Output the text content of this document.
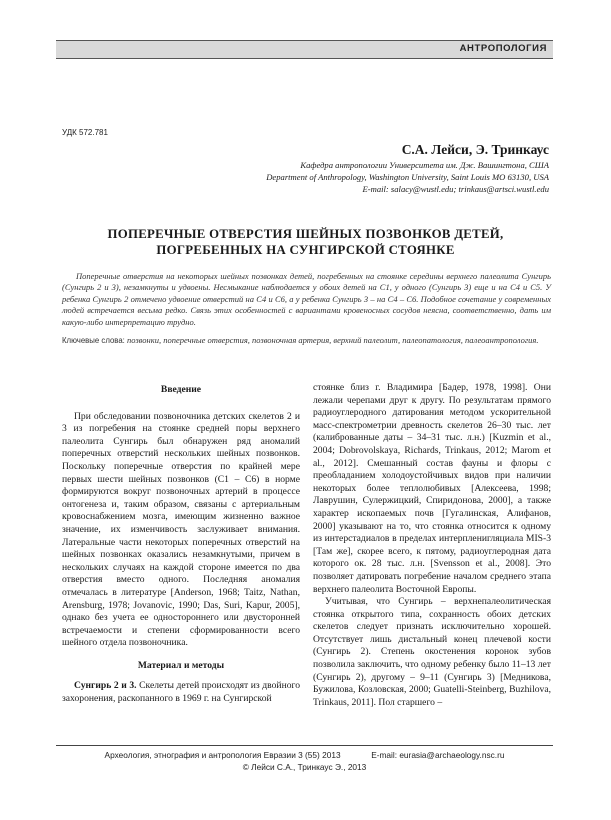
АНТРОПОЛОГИЯ
УДК 572.781
С.А. Лейси, Э. Тринкаус
Кафедра антропологии Университета им. Дж. Вашингтона, США
Department of Anthropology, Washington University, Saint Louis MO 63130, USA
E-mail: salacy@wustl.edu; trinkaus@artsci.wustl.edu
ПОПЕРЕЧНЫЕ ОТВЕРСТИЯ ШЕЙНЫХ ПОЗВОНКОВ ДЕТЕЙ,
ПОГРЕБЕННЫХ НА СУНГИРСКОЙ СТОЯНКЕ
Поперечные отверстия на некоторых шейных позвонках детей, погребенных на стоянке середины верхнего палеолита Сунгирь (Сунгирь 2 и 3), незамкнуты и удвоены. Несмыкание наблюдается у обоих детей на С1, у одного (Сунгирь 3) еще и на С4 и С5. У ребенка Сунгирь 2 отмечено удвоение отверстий на С4 и С6, а у ребенка Сунгирь 3 – на С4 – С6. Подобное сочетание у современных людей встречается весьма редко. Связь этих особенностей с вариантами кровеносных сосудов неясна, соответственно, дать им какую-либо интерпретацию трудно.
Ключевые слова: позвонки, поперечные отверстия, позвоночная артерия, верхний палеолит, палеопатология, палеоантропология.
Введение

При обследовании позвоночника детских скелетов 2 и 3 из погребения на стоянке средней поры верхнего палеолита Сунгирь был обнаружен ряд аномалий поперечных отверстий нескольких шейных позвонков. Поскольку поперечные отверстия по крайней мере первых шести шейных позвонков (С1 – С6) в норме формируются вокруг позвоночных артерий в процессе онтогенеза и, таким образом, связаны с артериальным кровоснабжением мозга, имеющим жизненно важное значение, их изменчивость заслуживает внимания. Латеральные части некоторых поперечных отверстий на шейных позвонках оказались незамкнутыми, причем в нескольких случаях на каждой стороне имеется по два отверстия вместо одного. Последняя аномалия отмечалась в литературе [Anderson, 1968; Taitz, Nathan, Arensburg, 1978; Jovanovic, 1990; Das, Suri, Kapur, 2005], однако без учета ее одностороннего или двусторонней встречаемости и степени сформированности всего шейного отдела позвоночника.

Материал и методы

Сунгирь 2 и 3. Скелеты детей происходят из двойного захоронения, раскопанного в 1969 г. на Сунгирской

стоянке близ г. Владимира [Бадер, 1978, 1998]. Они лежали черепами друг к другу. По результатам прямого радиоуглеродного датирования методом ускорительной масс-спектрометрии древность скелетов 26–30 тыс. лет (калиброванные даты – 34–31 тыс. л.н.) [Kuzmin et al., 2004; Dobrovolskaya, Richards, Trinkaus, 2012; Marom et al., 2012]. Смешанный состав фауны и флоры с преобладанием холодоустойчивых видов при наличии некоторых более теплолюбивых [Алексеева, 1998; Лаврушин, Сулержицкий, Спиридонова, 2000], а также характер ископаемых почв [Гугалинская, Алифанов, 2000] указывают на то, что стоянка относится к одному из интерстадиалов в пределах интерпленигляциала MIS-3 [Там же], скорее всего, к пятому, радиоуглеродная дата которого ок. 28 тыс. л.н. [Svensson et al., 2008]. Это позволяет датировать погребение началом среднего этапа верхнего палеолита Восточной Европы.

Учитывая, что Сунгирь – верхнепалеолитическая стоянка открытого типа, сохранность обоих детских скелетов следует признать исключительно хорошей. Отсутствует лишь дистальный конец плечевой кости (Сунгирь 2). Степень окостенения коронок зубов позволила заключить, что одному ребенку было 11–13 лет (Сунгирь 2), другому – 9–11 (Сунгирь 3) [Медникова, Бужилова, Козловская, 2000; Guatelli-Steinberg, Buzhilova, Trinkaus, 2011]. Пол старшего –

Археология, этнография и антропология Евразии 3 (55) 2013	E-mail: eurasia@archaeology.nsc.ru
© Лейси С.А., Тринкаус Э., 2013
